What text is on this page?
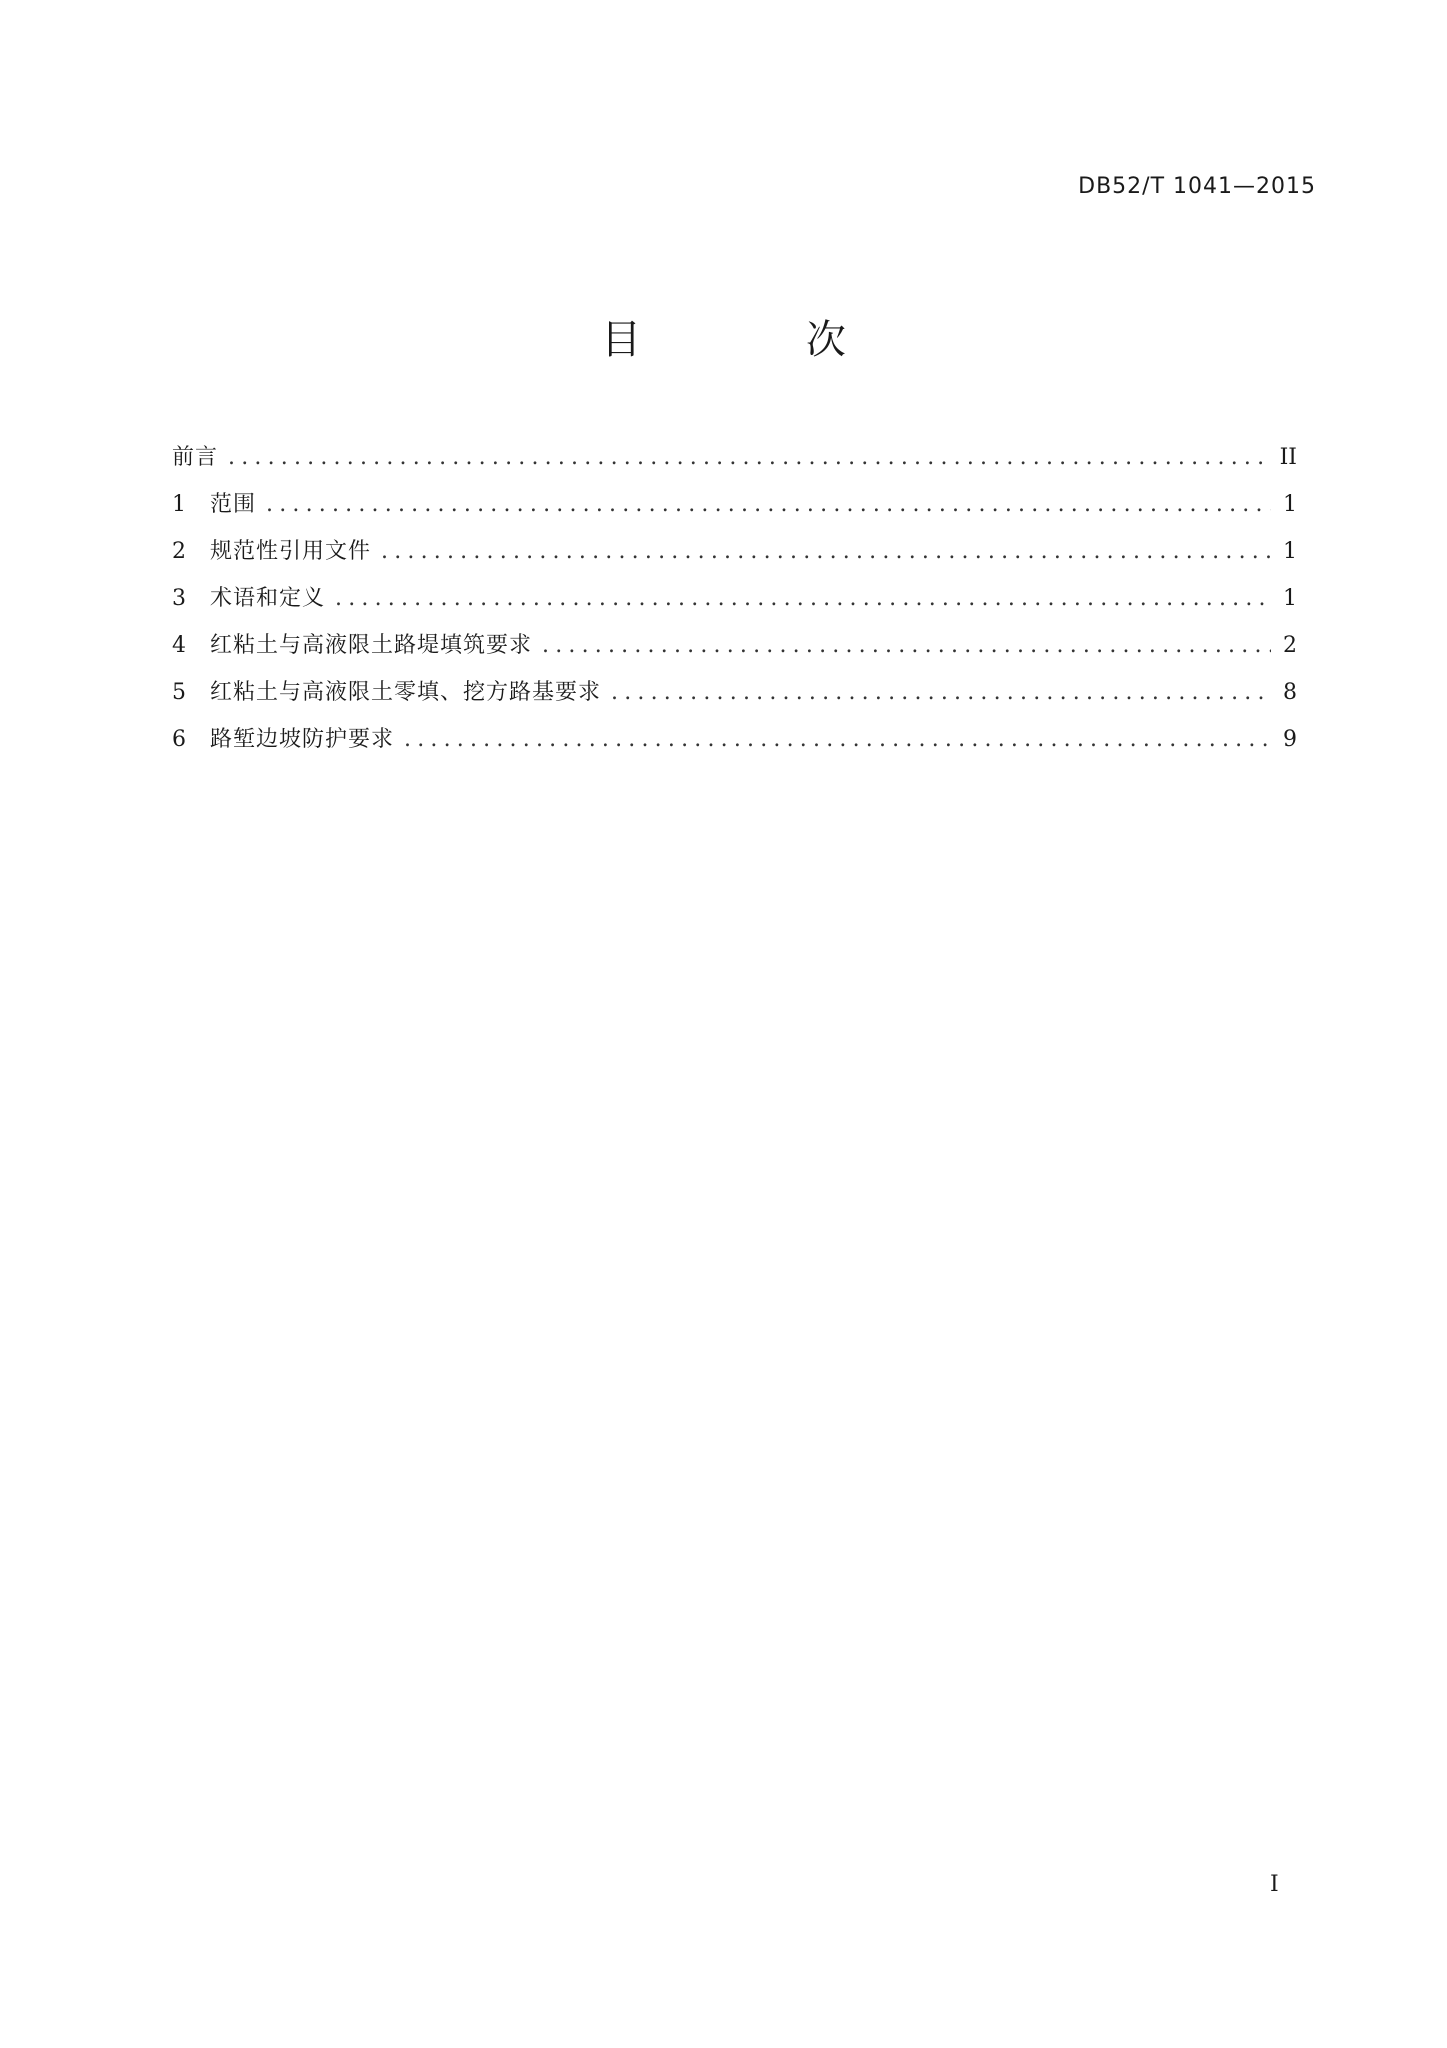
DB52/T 1041—2015
目 次
前言 .....	II
1	范围 .....	1
2	规范性引用文件 .....	1
3	术语和定义 .....	1
4	红粘土与高液限土路堤填筑要求 .....	2
5	红粘土与高液限土零填、挖方路基要求 .....	8
6	路堑边坡防护要求 .....	9
I
